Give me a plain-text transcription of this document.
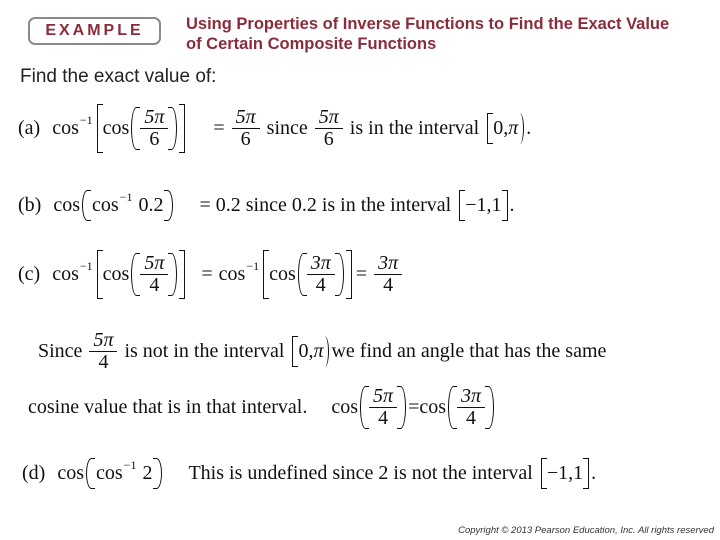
EXAMPLE	Using Properties of Inverse Functions to Find the Exact Value
of Certain Composite Functions
Find the exact value of:
(a) cos −1 $\cos \frac{5\pi}{6} = \frac{5\pi}{6}$ since $\frac{5\pi}{6}$ is in the interval 0, π .
(b) cos cos −1 0.2 = 0.2 since 0.2 is in the interval −1,1 .
(c) cos −1 $\cos \frac{5\pi}{4} = \cos -1$ $\cos \frac{3\pi}{4} = \frac{3\pi}{4}$
Since $\frac{5\pi}{4}$ is not in the interval 0, π we find an angle that has the same
cosine value that is in that interval. $\cos \frac{5\pi}{4} = \cos \frac{3\pi}{4}$
(d) cos cos −1 2 This is undefined since 2 is not the interval −1,1 .
Copyright © 2013 Pearson Education, Inc. All rights reserved
